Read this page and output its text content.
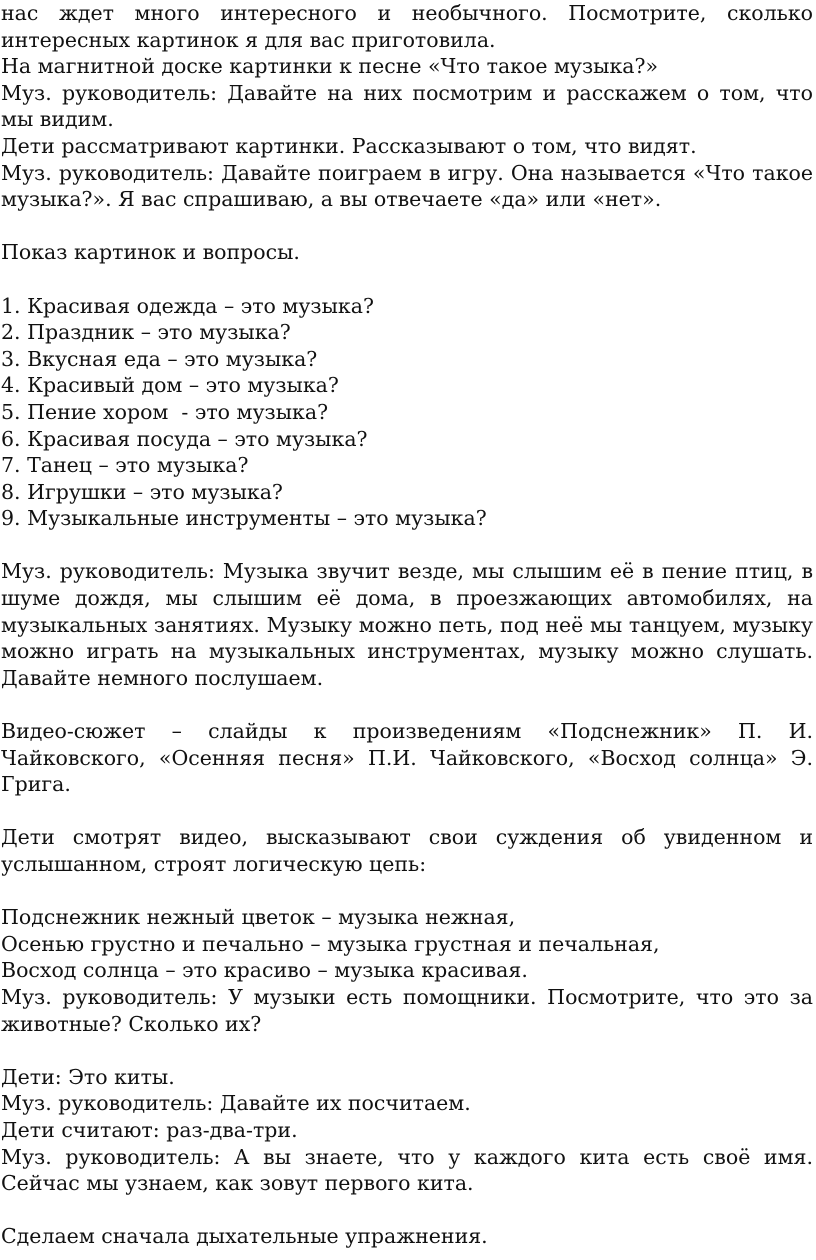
нас ждет много интересного и необычного. Посмотрите, сколько интересных картинок я для вас приготовила.

На магнитной доске картинки к песне «Что такое музыка?»

Муз. руководитель: Давайте на них посмотрим и расскажем о том, что мы видим.

Дети рассматривают картинки. Рассказывают о том, что видят.

Муз. руководитель: Давайте поиграем в игру. Она называется «Что такое музыка?». Я вас спрашиваю, а вы отвечаете «да» или «нет».

Показ картинок и вопросы.

1. Красивая одежда – это музыка?

2. Праздник – это музыка?

3. Вкусная еда – это музыка?

4. Красивый дом – это музыка?

5. Пение хором  - это музыка?

6. Красивая посуда – это музыка?

7. Танец – это музыка?

8. Игрушки – это музыка?

9. Музыкальные инструменты – это музыка?

Муз. руководитель: Музыка звучит везде, мы слышим её в пение птиц, в шуме дождя, мы слышим её дома, в проезжающих автомобилях, на музыкальных занятиях. Музыку можно петь, под неё мы танцуем, музыку можно играть на музыкальных инструментах, музыку можно слушать. Давайте немного послушаем.

Видео-сюжет – слайды к произведениям «Подснежник» П. И. Чайковского, «Осенняя песня» П.И. Чайковского, «Восход солнца» Э. Грига.

Дети смотрят видео, высказывают свои суждения об увиденном и услышанном, строят логическую цепь:

Подснежник нежный цветок – музыка нежная,

Осенью грустно и печально – музыка грустная и печальная,

Восход солнца – это красиво – музыка красивая.

Муз. руководитель: У музыки есть помощники. Посмотрите, что это за животные? Сколько их?

Дети: Это киты.

Муз. руководитель: Давайте их посчитаем.

Дети считают: раз-два-три.

Муз. руководитель: А вы знаете, что у каждого кита есть своё имя. Сейчас мы узнаем, как зовут первого кита.

Сделаем сначала дыхательные упражнения.
